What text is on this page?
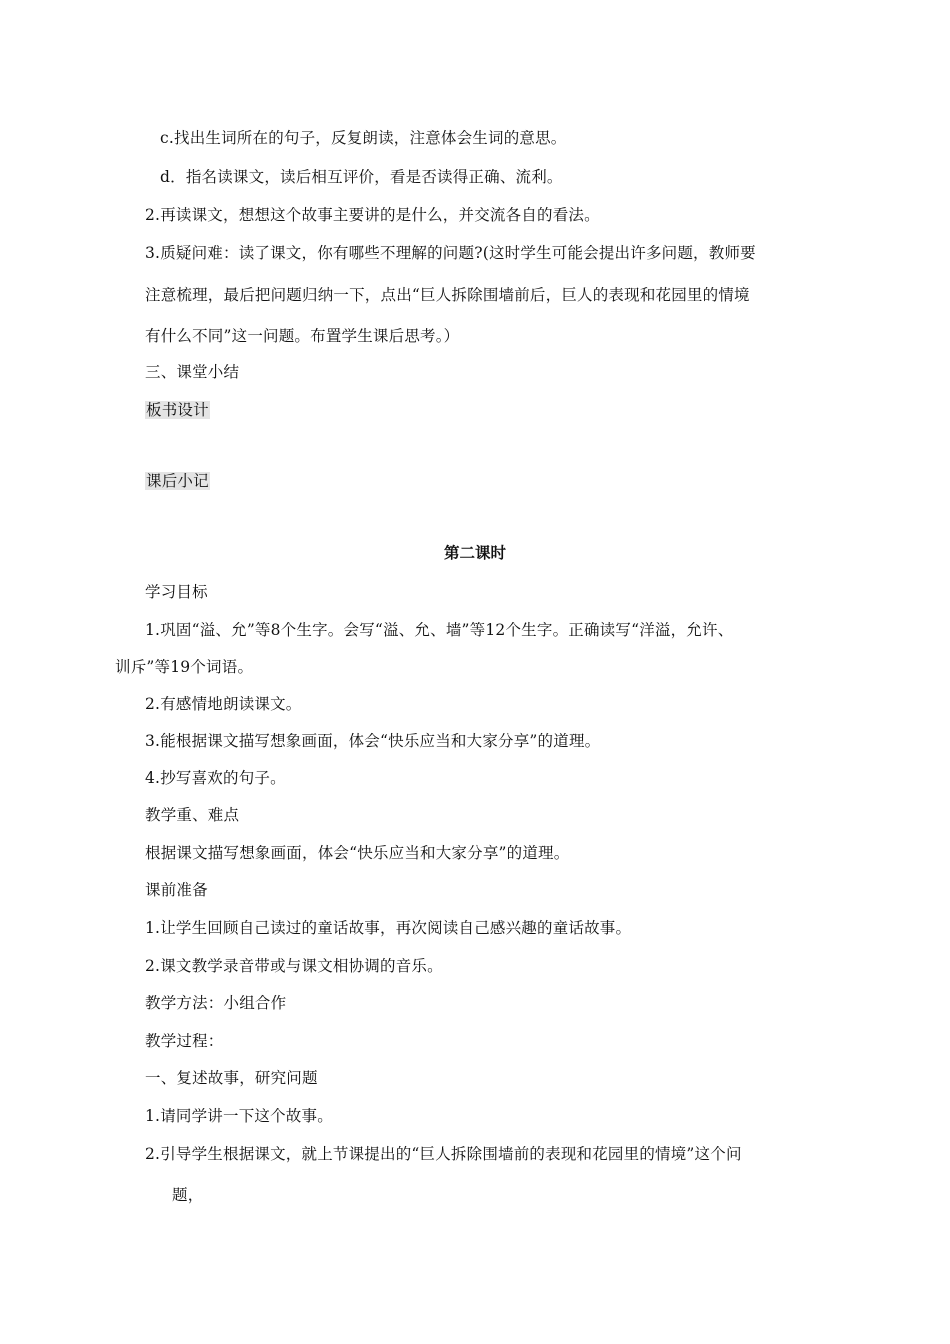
c.找出生词所在的句子，反复朗读，注意体会生词的意思。
d．指名读课文，读后相互评价，看是否读得正确、流利。
2.再读课文，想想这个故事主要讲的是什么，并交流各自的看法。
3.质疑问难：读了课文，你有哪些不理解的问题?(这时学生可能会提出许多问题，教师要
注意梳理，最后把问题归纳一下，点出“巨人拆除围墙前后，巨人的表现和花园里的情境
有什么不同”这一问题。布置学生课后思考。）
三、课堂小结
板书设计
课后小记
第二课时
学习目标
1.巩固“溢、允”等8个生字。会写“溢、允、墙”等12个生字。正确读写“洋溢，允许、
训斥”等19个词语。
2.有感情地朗读课文。
3.能根据课文描写想象画面，体会“快乐应当和大家分享”的道理。
4.抄写喜欢的句子。
教学重、难点
根据课文描写想象画面，体会“快乐应当和大家分享”的道理。
课前准备
1.让学生回顾自己读过的童话故事，再次阅读自己感兴趣的童话故事。
2.课文教学录音带或与课文相协调的音乐。
教学方法：小组合作
教学过程：
一、复述故事，研究问题
1.请同学讲一下这个故事。
2.引导学生根据课文，就上节课提出的“巨人拆除围墙前的表现和花园里的情境”这个问
题，
